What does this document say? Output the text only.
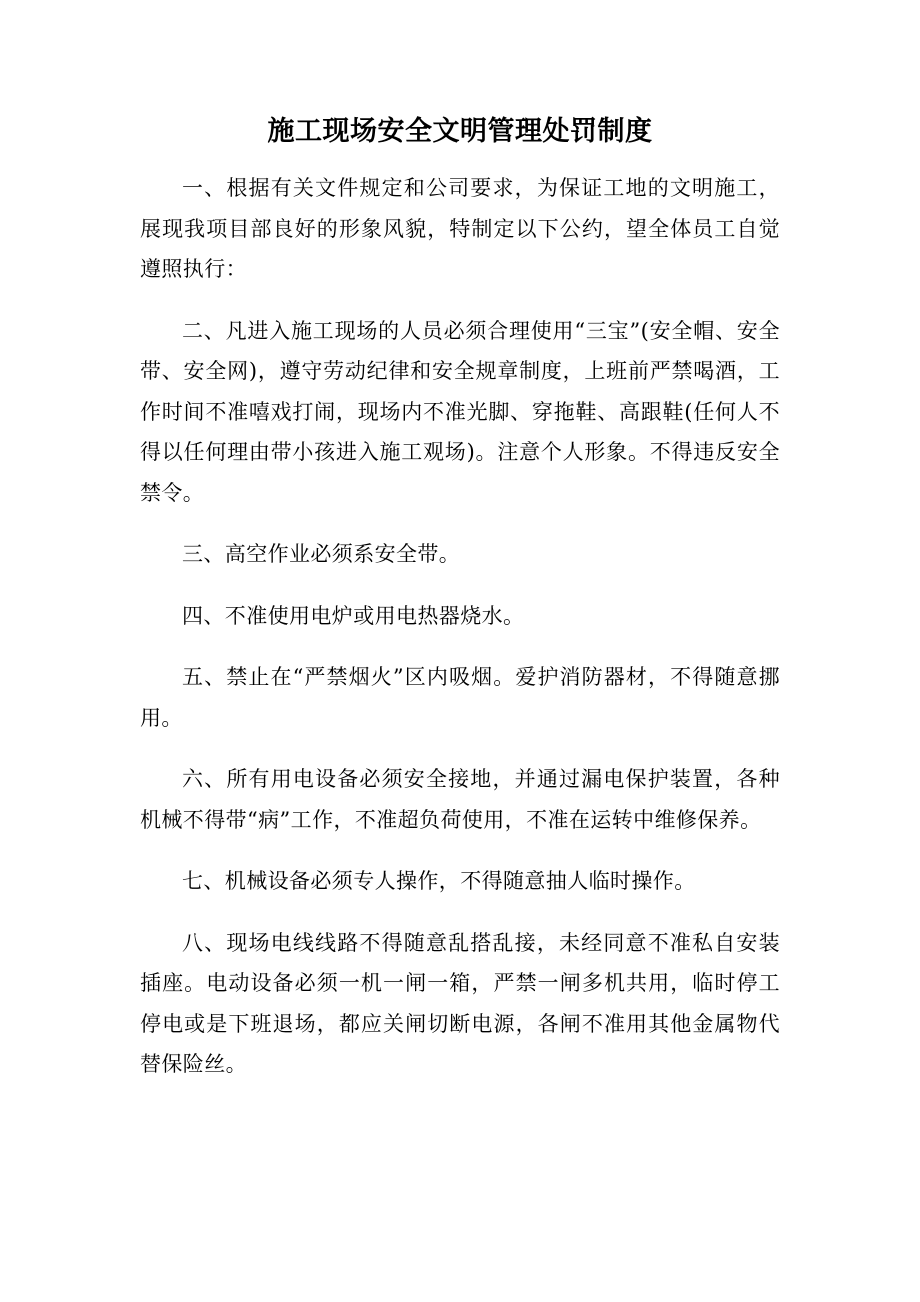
施工现场安全文明管理处罚制度

一、根据有关文件规定和公司要求，为保证工地的文明施工，展现我项目部良好的形象风貌，特制定以下公约，望全体员工自觉遵照执行：

二、凡进入施工现场的人员必须合理使用“三宝”(安全帽、安全带、安全网)，遵守劳动纪律和安全规章制度，上班前严禁喝酒，工作时间不准嘻戏打闹，现场内不准光脚、穿拖鞋、高跟鞋(任何人不得以任何理由带小孩进入施工观场)。注意个人形象。不得违反安全禁令。

三、高空作业必须系安全带。

四、不准使用电炉或用电热器烧水。

五、禁止在“严禁烟火”区内吸烟。爱护消防器材，不得随意挪用。

六、所有用电设备必须安全接地，并通过漏电保护装置，各种机械不得带“病”工作，不准超负荷使用，不准在运转中维修保养。

七、机械设备必须专人操作，不得随意抽人临时操作。

八、现场电线线路不得随意乱搭乱接，未经同意不准私自安装插座。电动设备必须一机一闸一箱，严禁一闸多机共用，临时停工停电或是下班退场，都应关闸切断电源，各闸不准用其他金属物代替保险丝。
